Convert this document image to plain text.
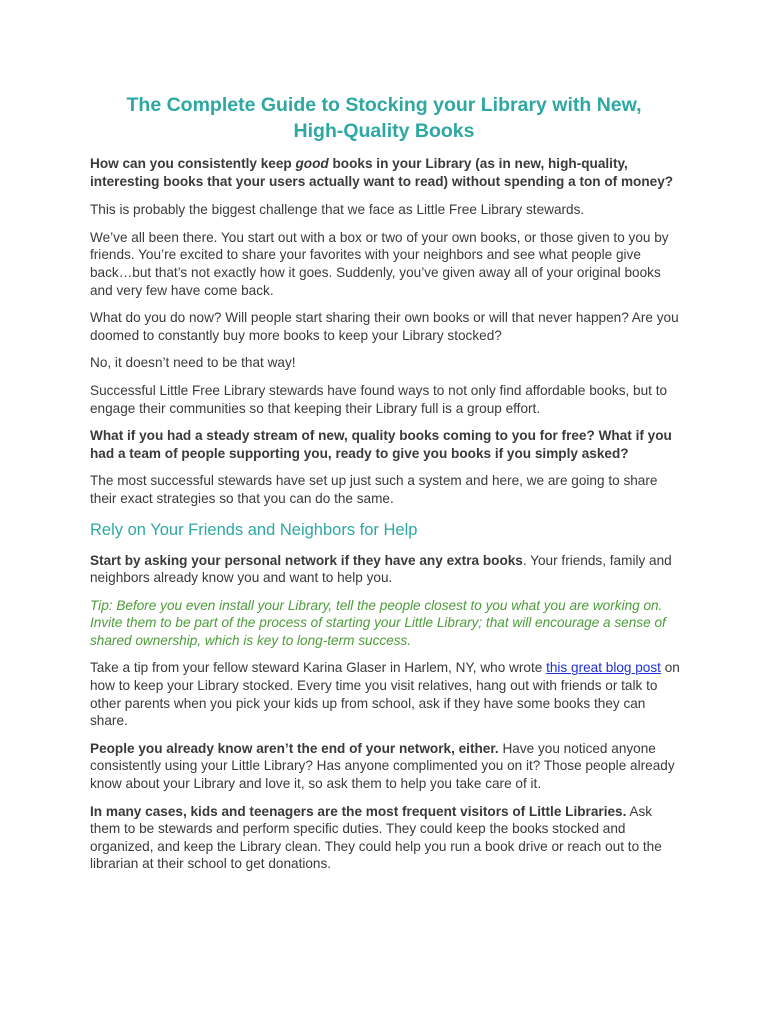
The Complete Guide to Stocking your Library with New,
High-Quality Books

How can you consistently keep good books in your Library (as in new, high-quality, interesting books that your users actually want to read) without spending a ton of money?

This is probably the biggest challenge that we face as Little Free Library stewards.

We’ve all been there. You start out with a box or two of your own books, or those given to you by friends. You’re excited to share your favorites with your neighbors and see what people give back…but that’s not exactly how it goes. Suddenly, you’ve given away all of your original books and very few have come back.

What do you do now? Will people start sharing their own books or will that never happen? Are you doomed to constantly buy more books to keep your Library stocked?

No, it doesn’t need to be that way!

Successful Little Free Library stewards have found ways to not only find affordable books, but to engage their communities so that keeping their Library full is a group effort.

What if you had a steady stream of new, quality books coming to you for free? What if you had a team of people supporting you, ready to give you books if you simply asked?

The most successful stewards have set up just such a system and here, we are going to share their exact strategies so that you can do the same.

Rely on Your Friends and Neighbors for Help

Start by asking your personal network if they have any extra books. Your friends, family and neighbors already know you and want to help you.

Tip: Before you even install your Library, tell the people closest to you what you are working on. Invite them to be part of the process of starting your Little Library; that will encourage a sense of shared ownership, which is key to long-term success.

Take a tip from your fellow steward Karina Glaser in Harlem, NY, who wrote this great blog post on how to keep your Library stocked. Every time you visit relatives, hang out with friends or talk to other parents when you pick your kids up from school, ask if they have some books they can share.

People you already know aren’t the end of your network, either. Have you noticed anyone consistently using your Little Library? Has anyone complimented you on it? Those people already know about your Library and love it, so ask them to help you take care of it.

In many cases, kids and teenagers are the most frequent visitors of Little Libraries. Ask them to be stewards and perform specific duties. They could keep the books stocked and organized, and keep the Library clean. They could help you run a book drive or reach out to the librarian at their school to get donations.
